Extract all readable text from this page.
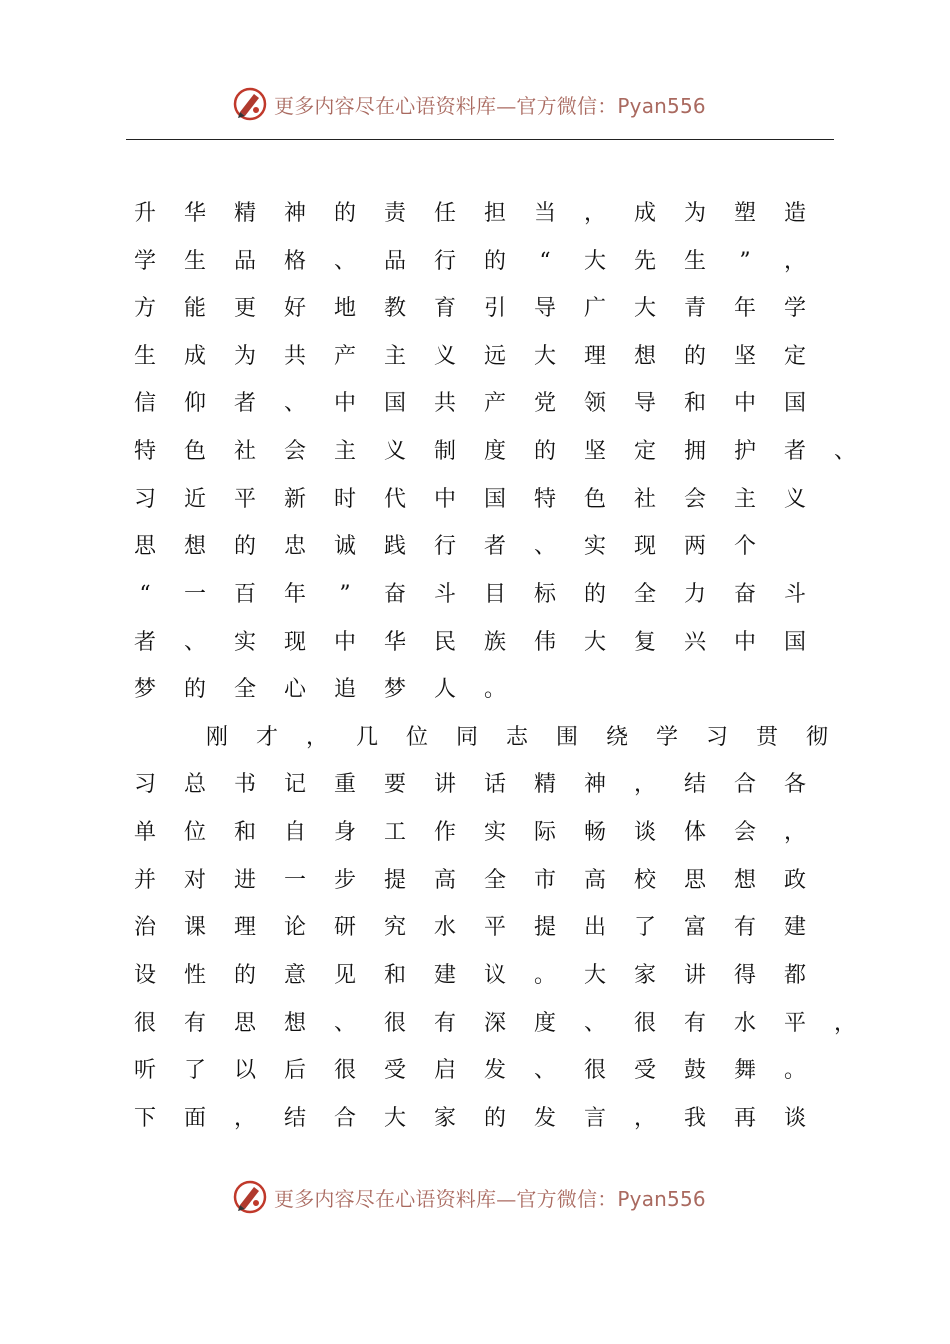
更多内容尽在心语资料库—官方微信：Pyan556
升 华 精 神 的 责 任 担 当 ， 成 为 塑 造
学 生 品 格 、 品 行 的	“	大 先 生	”	，
方 能 更 好 地 教 育 引 导 广 大 青 年 学
生 成 为 共 产 主 义 远 大 理 想 的 坚 定
信 仰 者 、 中 国 共 产 党 领 导 和 中 国
特 色 社 会 主 义 制 度 的 坚 定 拥 护 者 、
习 近 平 新 时 代 中 国 特 色 社 会 主 义
思 想 的 忠 诚 践 行 者 、 实 现 两 个
“	一 百 年	”	奋 斗 目 标 的 全 力 奋 斗
者 、 实 现 中 华 民 族 伟 大 复 兴 中 国
梦 的 全 心 追 梦 人 。
刚 才 ， 几 位 同 志 围 绕 学 习 贯 彻
习 总 书 记 重 要 讲 话 精 神 ， 结 合 各
单 位 和 自 身 工 作 实 际 畅 谈 体 会 ，
并 对 进 一 步 提 高 全 市 高 校 思 想 政
治 课 理 论 研 究 水 平 提 出 了 富 有 建
设 性 的 意 见 和 建 议 。 大 家 讲 得 都
很 有 思 想 、 很 有 深 度 、 很 有 水 平 ，
听 了 以 后 很 受 启 发 、 很 受 鼓 舞 。
下 面 ， 结 合 大 家 的 发 言 ， 我 再 谈
更多内容尽在心语资料库—官方微信：Pyan556
